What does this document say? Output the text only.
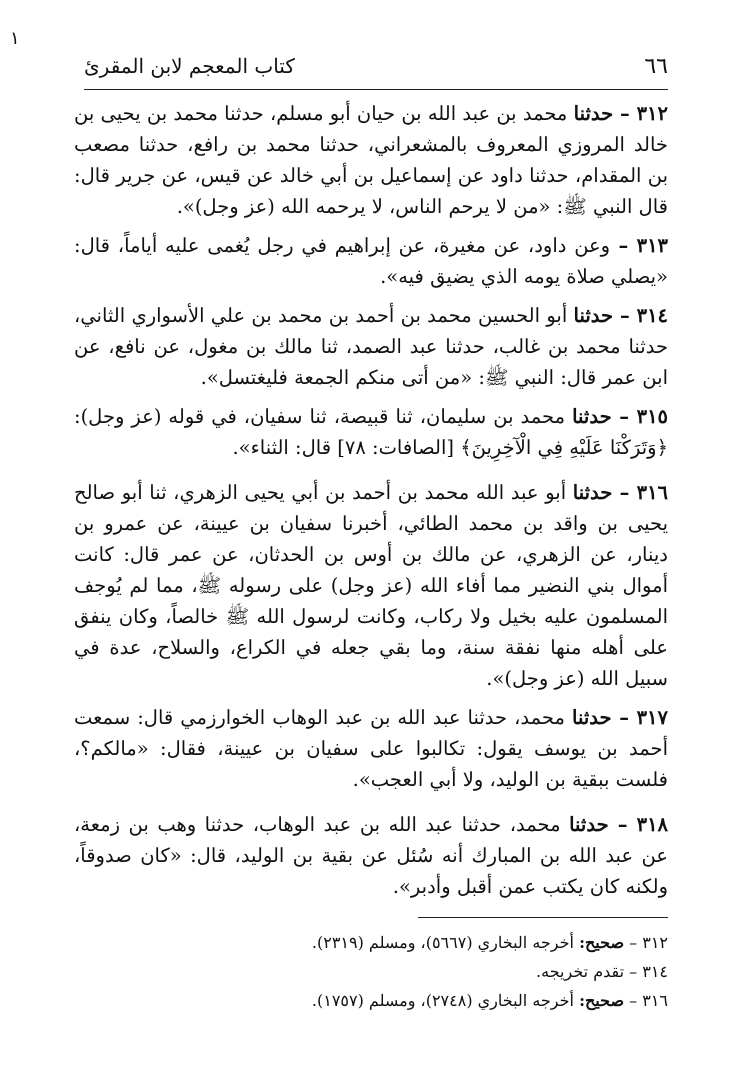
١
٦٦
كتاب المعجم لابن المقرئ

٣١٢ – حدثنا محمد بن عبد الله بن حيان أبو مسلم، حدثنا محمد بن يحيى بن خالد المروزي المعروف بالمشعراني، حدثنا محمد بن رافع، حدثنا مصعب بن المقدام، حدثنا داود عن إسماعيل بن أبي خالد عن قيس، عن جرير قال: قال النبي ﷺ: «من لا يرحم الناس، لا يرحمه الله (عز وجل)».

٣١٣ – وعن داود، عن مغيرة، عن إبراهيم في رجل يُغمى عليه أياماً، قال: «يصلي صلاة يومه الذي يضيق فيه».

٣١٤ – حدثنا أبو الحسين محمد بن أحمد بن محمد بن علي الأسواري الثاني، حدثنا محمد بن غالب، حدثنا عبد الصمد، ثنا مالك بن مغول، عن نافع، عن ابن عمر قال: النبي ﷺ: «من أتى منكم الجمعة فليغتسل».

٣١٥ – حدثنا محمد بن سليمان، ثنا قبيصة، ثنا سفيان، في قوله (عز وجل): ﴿وَتَرَكْنَا عَلَيْهِ فِي الْآخِرِينَ﴾ [الصافات: ٧٨] قال: الثناء».

٣١٦ – حدثنا أبو عبد الله محمد بن أحمد بن أبي يحيى الزهري، ثنا أبو صالح يحيى بن واقد بن محمد الطائي، أخبرنا سفيان بن عيينة، عن عمرو بن دينار، عن الزهري، عن مالك بن أوس بن الحدثان، عن عمر قال: كانت أموال بني النضير مما أفاء الله (عز وجل) على رسوله ﷺ، مما لم يُوجف المسلمون عليه بخيل ولا ركاب، وكانت لرسول الله ﷺ خالصاً، وكان ينفق على أهله منها نفقة سنة، وما بقي جعله في الكراع، والسلاح، عدة في سبيل الله (عز وجل)».

٣١٧ – حدثنا محمد، حدثنا عبد الله بن عبد الوهاب الخوارزمي قال: سمعت أحمد بن يوسف يقول: تكالبوا على سفيان بن عيينة، فقال: «مالكم؟، فلست ببقية بن الوليد، ولا أبي العجب».

٣١٨ – حدثنا محمد، حدثنا عبد الله بن عبد الوهاب، حدثنا وهب بن زمعة، عن عبد الله بن المبارك أنه سُئل عن بقية بن الوليد، قال: «كان صدوقاً، ولكنه كان يكتب عمن أقبل وأدبر».

٣١٢ – صحيح: أخرجه البخاري (٥٦٦٧)، ومسلم (٢٣١٩).

٣١٤ – تقدم تخريجه.

٣١٦ – صحيح: أخرجه البخاري (٢٧٤٨)، ومسلم (١٧٥٧).
